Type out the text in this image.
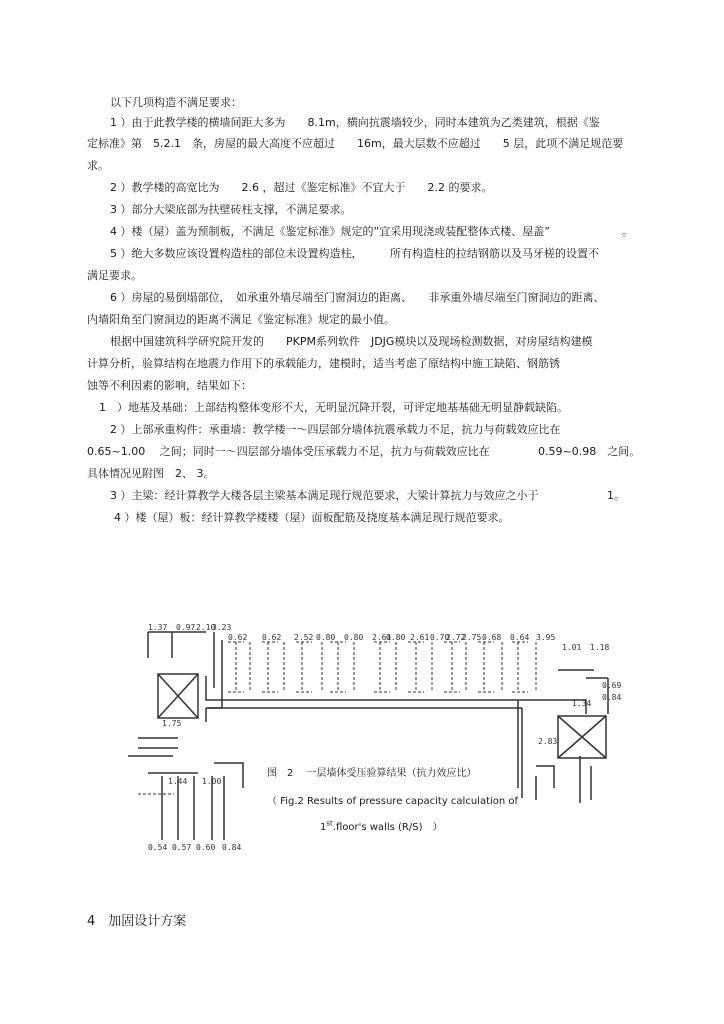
以下几项构造不满足要求：
1 ）由于此教学楼的横墙间距大多为　　8.1m，横向抗震墙较少，同时本建筑为乙类建筑，根据《鉴
定标准》第　5.2.1　条，房屋的最大高度不应超过　　16m，最大层数不应超过　　5 层，此项不满足规范要
求。
2 ）教学楼的高宽比为　　2.6 ，超过《鉴定标准》不宜大于　　2.2 的要求。
3 ）部分大梁底部为扶壁砖柱支撑，不满足要求。
4 ）楼（屋）盖为预制板，不满足《鉴定标准》规定的”宜采用现浇或装配整体式楼、屋盖”	。
5 ）绝大多数应该设置构造柱的部位未设置构造柱，　　　所有构造柱的拉结钢筋以及马牙槎的设置不
满足要求。
6 ）房屋的易倒塌部位，　如承重外墙尽端至门窗洞边的距离、　　非承重外墙尽端至门窗洞边的距离、
内墙阳角至门窗洞边的距离不满足《鉴定标准》规定的最小值。
根据中国建筑科学研究院开发的　　PKPM系列软件　JDJG模块以及现场检测数据，对房屋结构建模
计算分析，验算结构在地震力作用下的承载能力，建模时，适当考虑了原结构中施工缺陷、钢筋锈
蚀等不利因素的影响，结果如下：
1　）地基及基础：上部结构整体变形不大，无明显沉降开裂，可评定地基基础无明显静载缺陷。
2 ）上部承重构件：承重墙：教学楼一～四层部分墙体抗震承载力不足，抗力与荷载效应比在
0.65~1.00　 之间；同时一～四层部分墙体受压承载力不足，抗力与荷载效应比在	0.59~0.98　之间。
具体情况见附图　2、 3。
3 ）主梁：经计算教学大楼各层主梁基本满足现行规范要求，大梁计算抗力与效应之小于	1。
4 ）楼（屋）板：经计算教学楼楼（屋）面板配筋及挠度基本满足现行规范要求。
1.37 0.97 2.10
3.23
0.62 0.62 2.52 0.80 0.80 2.61
0.80 2.61 0.70
2.72
2.75 0.68 0.64 3.95
1.01 1.18
1.75
1.44 1.00
2.83
0.54 0.57 0.60 0.84
1.34
0.69
0.84
图　2　 一层墙体受压验算结果（抗力效应比）
（ Fig.2 Results of pressure capacity calculation of
1st.floor's walls (R/S)　）
4　加固设计方案
